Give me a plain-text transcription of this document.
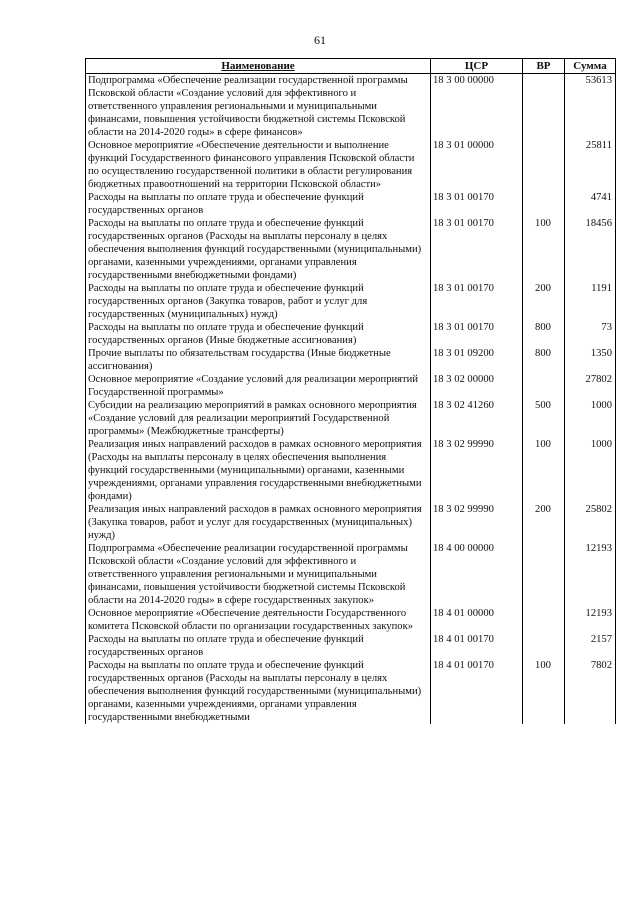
61
Наименование	ЦСР	ВР	Сумма
Подпрограмма «Обеспечение реализации государственной программы Псковской области «Создание условий для эффективного и ответственного управления региональными и муниципальными финансами, повышения устойчивости бюджетной системы Псковской области на 2014-2020 годы» в сфере финансов»	18 3 00 00000		53613
Основное мероприятие «Обеспечение деятельности и выполнение функций Государственного финансового управления Псковской области по осуществлению государственной политики в области регулирования бюджетных правоотношений на территории Псковской области»	18 3 01 00000		25811
Расходы на выплаты по оплате труда и обеспечение функций государственных органов	18 3 01 00170		4741
Расходы на выплаты по оплате труда и обеспечение функций государственных органов (Расходы на выплаты персоналу в целях обеспечения выполнения функций государственными (муниципальными) органами, казенными учреждениями, органами управления государственными внебюджетными фондами)	18 3 01 00170	100	18456
Расходы на выплаты по оплате труда и обеспечение функций государственных органов (Закупка товаров, работ и услуг для государственных (муниципальных) нужд)	18 3 01 00170	200	1191
Расходы на выплаты по оплате труда и обеспечение функций государственных органов (Иные бюджетные ассигнования)	18 3 01 00170	800	73
Прочие выплаты по обязательствам государства (Иные бюджетные ассигнования)	18 3 01 09200	800	1350
Основное мероприятие «Создание условий для реализации мероприятий Государственной программы»	18 3 02 00000		27802
Субсидии на реализацию мероприятий в рамках основного мероприятия «Создание условий для реализации мероприятий Государственной программы» (Межбюджетные трансферты)	18 3 02 41260	500	1000
Реализация иных направлений расходов в рамках основного мероприятия (Расходы на выплаты персоналу в целях обеспечения выполнения функций государственными (муниципальными) органами, казенными учреждениями, органами управления государственными внебюджетными фондами)	18 3 02 99990	100	1000
Реализация иных направлений расходов в рамках основного мероприятия (Закупка товаров, работ и услуг для государственных (муниципальных) нужд)	18 3 02 99990	200	25802
Подпрограмма «Обеспечение реализации государственной программы Псковской области «Создание условий для эффективного и ответственного управления региональными и муниципальными финансами, повышения устойчивости бюджетной системы Псковской области на 2014-2020 годы» в сфере государственных закупок»	18 4 00 00000		12193
Основное мероприятие «Обеспечение деятельности Государственного комитета Псковской области по организации государственных закупок»	18 4 01 00000		12193
Расходы на выплаты по оплате труда и обеспечение функций государственных органов	18 4 01 00170		2157
Расходы на выплаты по оплате труда и обеспечение функций государственных органов (Расходы на выплаты персоналу в целях обеспечения выполнения функций государственными (муниципальными) органами, казенными учреждениями, органами управления государственными внебюджетными	18 4 01 00170	100	7802
